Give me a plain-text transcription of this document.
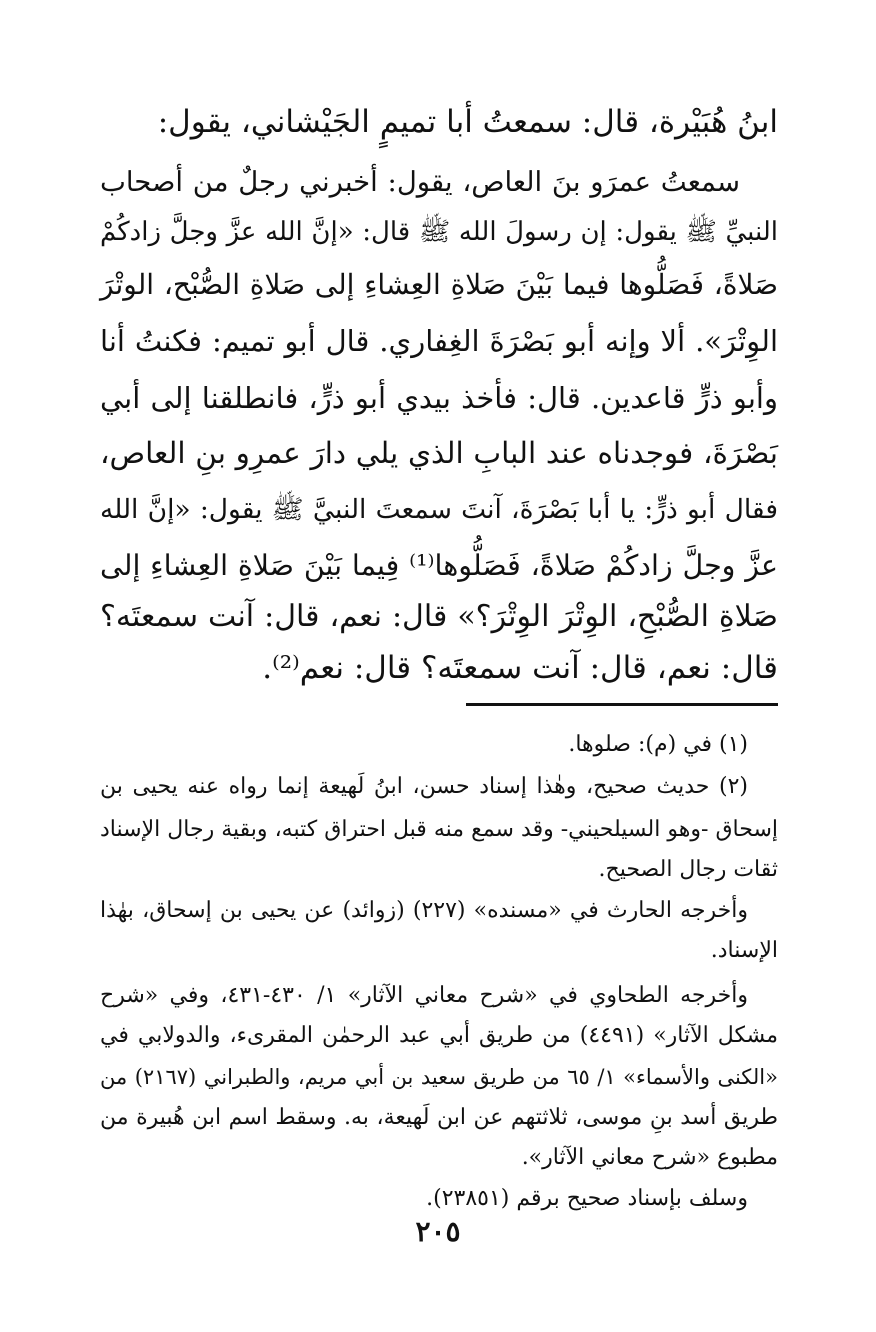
ابنُ هُبَيْرة، قال: سمعتُ أبا تميمٍ الجَيْشاني، يقول:
سمعتُ عمرَو بنَ العاص، يقول: أخبرني رجلٌ من أصحاب
النبيِّ ﷺ يقول: إن رسولَ الله ﷺ قال: «إنَّ الله عزَّ وجلَّ زادكُمْ
صَلاةً، فَصَلُّوها فيما بَيْنَ صَلاةِ العِشاءِ إلى صَلاةِ الصُّبْح، الوتْرَ
الوِتْرَ». ألا وإنه أبو بَصْرَةَ الغِفاري. قال أبو تميم: فكنتُ أنا
وأبو ذرٍّ قاعدين. قال: فأخذ بيدي أبو ذرٍّ، فانطلقنا إلى أبي
بَصْرَةَ، فوجدناه عند البابِ الذي يلي دارَ عمرِو بنِ العاص،
فقال أبو ذرٍّ: يا أبا بَصْرَةَ، آنتَ سمعتَ النبيَّ ﷺ يقول: «إنَّ الله
عزَّ وجلَّ زادكُمْ صَلاةً، فَصَلُّوها⁽¹⁾ فِيما بَيْنَ صَلاةِ العِشاءِ إلى
صَلاةِ الصُّبْحِ، الوِتْرَ الوِتْرَ؟» قال: نعم، قال: آنت سمعتَه؟
قال: نعم، قال: آنت سمعتَه؟ قال: نعم⁽²⁾.
(١) في (م): صلوها.
(٢) حديث صحيح، وهٰذا إسناد حسن، ابنُ لَهيعة إنما رواه عنه يحيى بن
إسحاق -وهو السيلحيني- وقد سمع منه قبل احتراق كتبه، وبقية رجال الإسناد
ثقات رجال الصحيح.
وأخرجه الحارث في «مسنده» (٢٢٧) (زوائد) عن يحيى بن إسحاق، بهٰذا
الإسناد.
وأخرجه الطحاوي في «شرح معاني الآثار» ١/ ٤٣٠-٤٣١، وفي «شرح
مشكل الآثار» (٤٤٩١) من طريق أبي عبد الرحمٰن المقرىء، والدولابي في
«الكنى والأسماء» ١/ ٦٥ من طريق سعيد بن أبي مريم، والطبراني (٢١٦٧) من
طريق أسد بنِ موسى، ثلاثتهم عن ابن لَهيعة، به. وسقط اسم ابن هُبيرة من
مطبوع «شرح معاني الآثار».
وسلف بإسناد صحيح برقم (٢٣٨٥١).
٢٠٥
